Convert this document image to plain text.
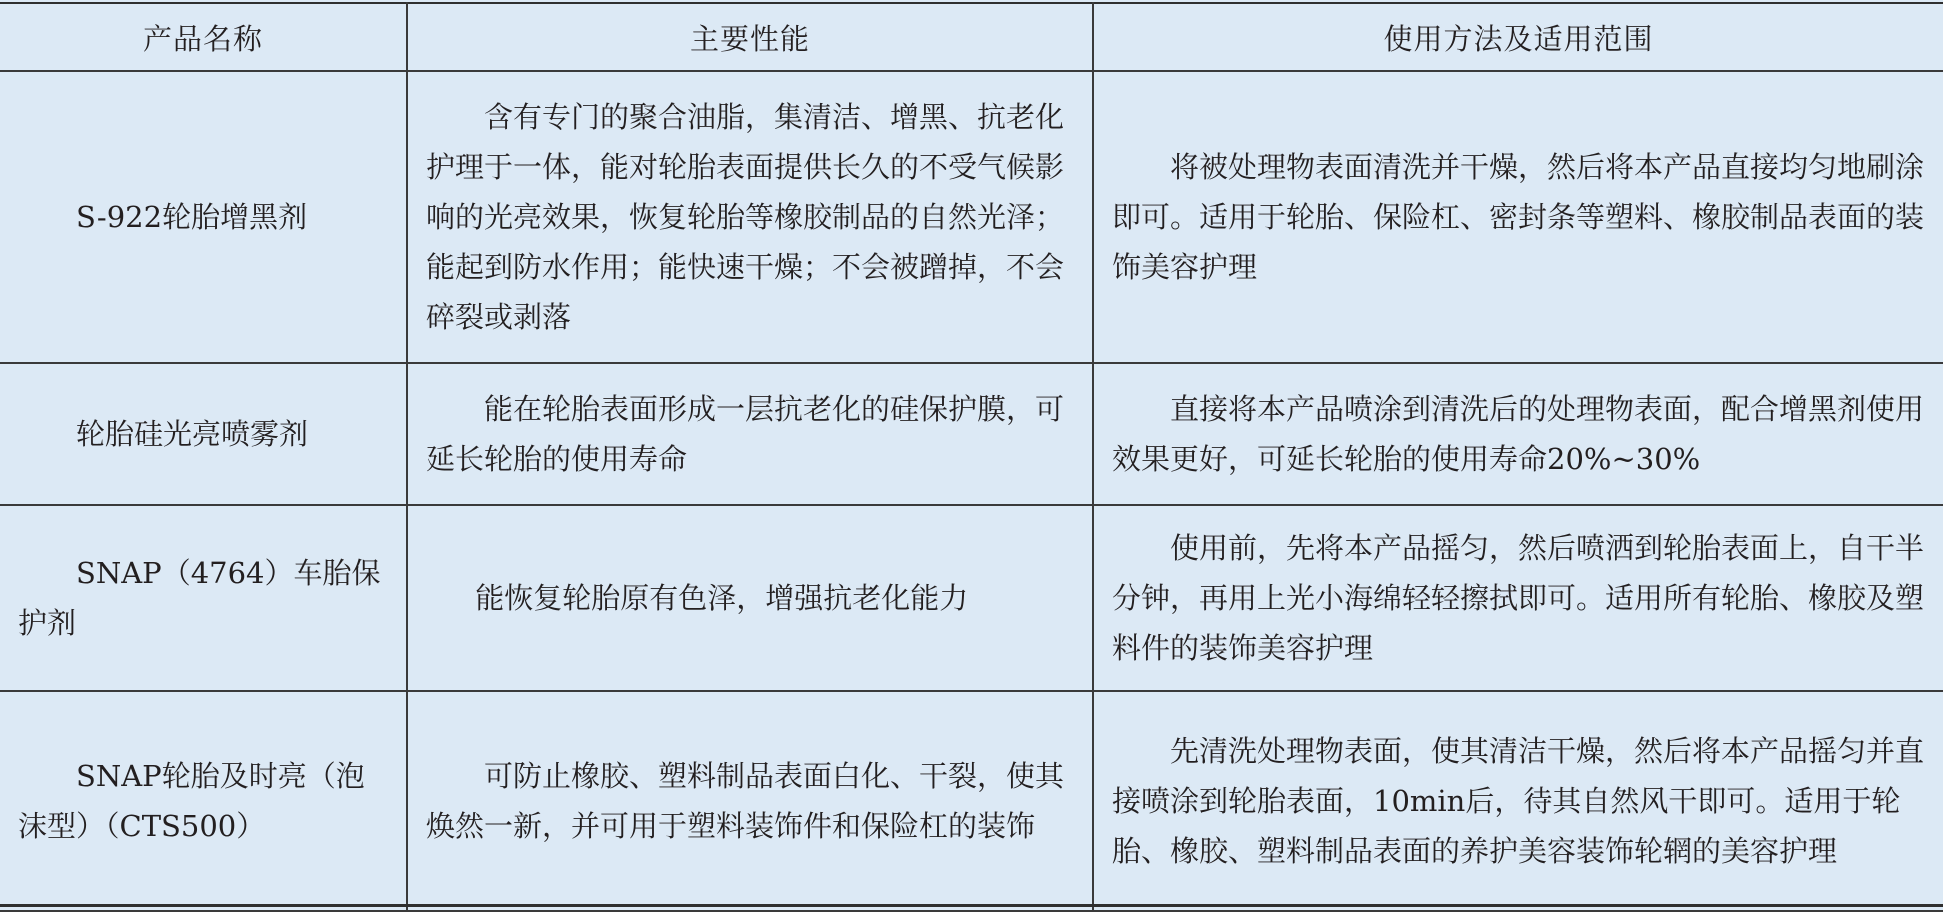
产品名称	主要性能	使用方法及适用范围

S-922轮胎增黑剂	含有专门的聚合油脂，集清洁、增黑、抗老化护理于一体，能对轮胎表面提供长久的不受气候影响的光亮效果，恢复轮胎等橡胶制品的自然光泽；能起到防水作用；能快速干燥；不会被蹭掉，不会碎裂或剥落	将被处理物表面清洗并干燥，然后将本产品直接均匀地刷涂即可。适用于轮胎、保险杠、密封条等塑料、橡胶制品表面的装饰美容护理

轮胎硅光亮喷雾剂	能在轮胎表面形成一层抗老化的硅保护膜，可延长轮胎的使用寿命	直接将本产品喷涂到清洗后的处理物表面，配合增黑剂使用效果更好，可延长轮胎的使用寿命20%~30%

SNAP（4764）车胎保护剂	能恢复轮胎原有色泽，增强抗老化能力	使用前，先将本产品摇匀，然后喷洒到轮胎表面上，自干半分钟，再用上光小海绵轻轻擦拭即可。适用所有轮胎、橡胶及塑料件的装饰美容护理

SNAP轮胎及时亮（泡沫型）（CTS500）	可防止橡胶、塑料制品表面白化、干裂，使其焕然一新，并可用于塑料装饰件和保险杠的装饰	先清洗处理物表面，使其清洁干燥，然后将本产品摇匀并直接喷涂到轮胎表面，10min后，待其自然风干即可。适用于轮胎、橡胶、塑料制品表面的养护美容装饰轮辋的美容护理
